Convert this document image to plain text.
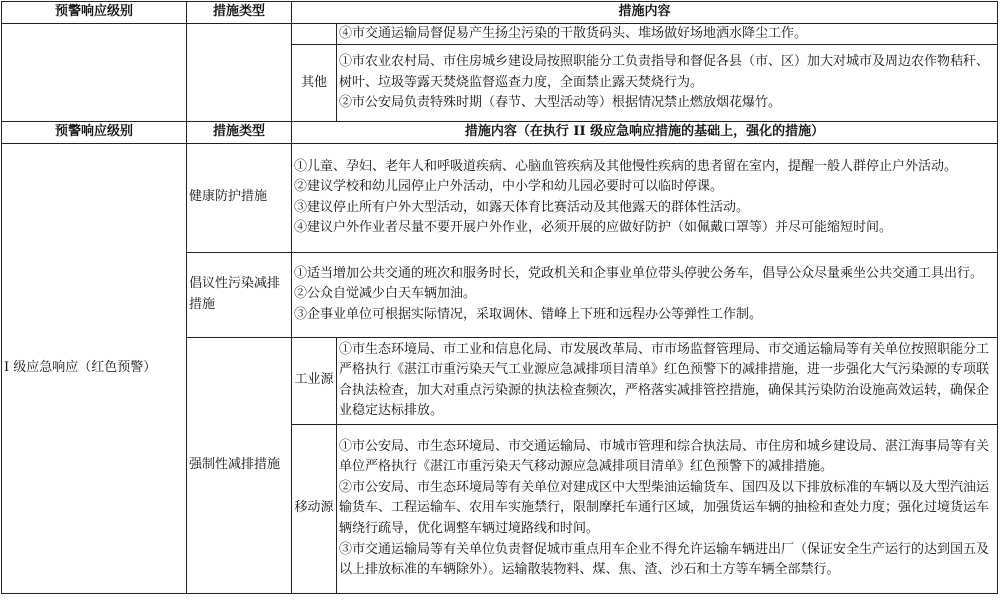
预警响应级别	措施类型	措施内容	
			④市交通运输局督促易产生扬尘污染的干散货码头、堆场做好场地洒水降尘工作。
		其他	①市农业农村局、市住房城乡建设局按照职能分工负责指导和督促各县（市、区）加大对城市及周边农作物秸秆、树叶、垃圾等露天焚烧监督巡查力度，全面禁止露天焚烧行为。
②市公安局负责特殊时期（春节、大型活动等）根据情况禁止燃放烟花爆竹。

预警响应级别	措施类型	措施内容（在执行 II 级应急响应措施的基础上，强化的措施）	
I 级应急响应（红色预警）	健康防护措施	①儿童、孕妇、老年人和呼吸道疾病、心脑血管疾病及其他慢性疾病的患者留在室内，提醒一般人群停止户外活动。
②建议学校和幼儿园停止户外活动，中小学和幼儿园必要时可以临时停课。
③建议停止所有户外大型活动，如露天体育比赛活动及其他露天的群体性活动。
④建议户外作业者尽量不要开展户外作业，必须开展的应做好防护（如佩戴口罩等）并尽可能缩短时间。	

	倡议性污染减排措施	①适当增加公共交通的班次和服务时长，党政机关和企事业单位带头停驶公务车，倡导公众尽量乘坐公共交通工具出行。
②公众自觉减少白天车辆加油。
③企事业单位可根据实际情况，采取调休、错峰上下班和远程办公等弹性工作制。	

	强制性减排措施	工业源	①市生态环境局、市工业和信息化局、市发展改革局、市市场监督管理局、市交通运输局等有关单位按照职能分工严格执行《湛江市重污染天气工业源应急减排项目清单》红色预警下的减排措施，进一步强化大气污染源的专项联合执法检查，加大对重点污染源的执法检查频次，严格落实减排管控措施，确保其污染防治设施高效运转，确保企业稳定达标排放。

		移动源	①市公安局、市生态环境局、市交通运输局、市城市管理和综合执法局、市住房和城乡建设局、湛江海事局等有关单位严格执行《湛江市重污染天气移动源应急减排项目清单》红色预警下的减排措施。
②市公安局、市生态环境局等有关单位对建成区中大型柴油运输货车、国四及以下排放标准的车辆以及大型汽油运输货车、工程运输车、农用车实施禁行，限制摩托车通行区域，加强货运车辆的抽检和查处力度；强化过境货运车辆绕行疏导，优化调整车辆过境路线和时间。
③市交通运输局等有关单位负责督促城市重点用车企业不得允许运输车辆进出厂（保证安全生产运行的达到国五及以上排放标准的车辆除外）。运输散装物料、煤、焦、渣、沙石和土方等车辆全部禁行。
